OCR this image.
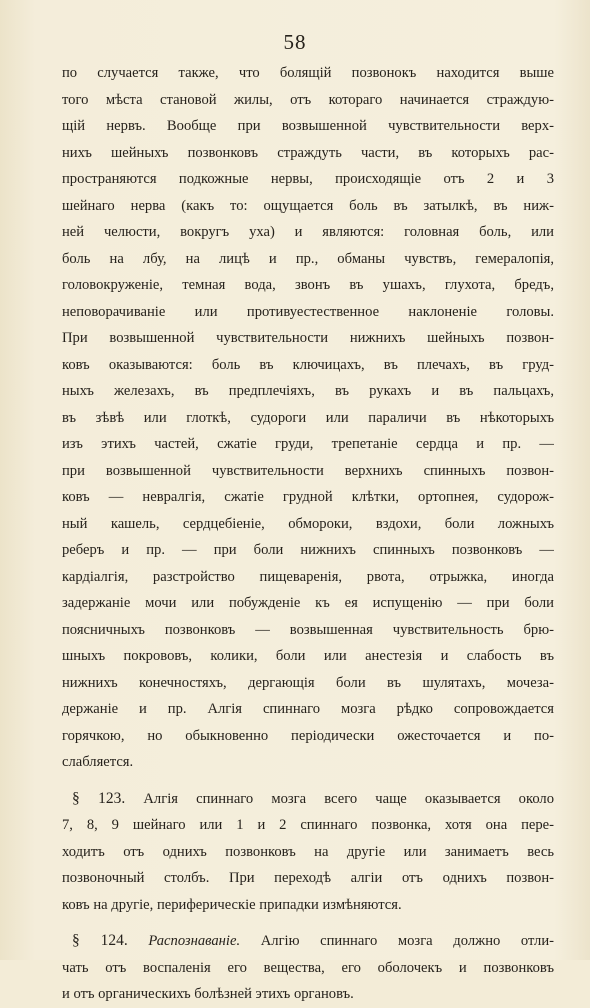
58
по случается также, что болящій позвонокъ находится выше
того мѣста становой жилы, отъ котораго начинается страждую-
щій нервъ. Вообще при возвышенной чувствительности верх-
нихъ шейныхъ позвонковъ страждуть части, въ которыхъ рас-
пространяются подкожные нервы, происходящіе отъ 2 и 3
шейнаго нерва (какъ то: ощущается боль въ затылкѣ, въ ниж-
ней челюсти, вокругъ уха) и являются: головная боль, или
боль на лбу, на лицѣ и пр., обманы чувствъ, гемералопія,
головокруженіе, темная вода, звонъ въ ушахъ, глухота, бредъ,
неповорачиваніе или противуестественное наклоненіе головы.
При возвышенной чувствительности нижнихъ шейныхъ позвон-
ковъ оказываются: боль въ ключицахъ, въ плечахъ, въ груд-
ныхъ железахъ, въ предплечіяхъ, въ рукахъ и въ пальцахъ,
въ зѣвѣ или глоткѣ, судороги или параличи въ нѣкоторыхъ
изъ этихъ частей, сжатіе груди, трепетаніе сердца и пр. —
при возвышенной чувствительности верхнихъ спинныхъ позвон-
ковъ — невралгія, сжатіе грудной клѣтки, ортопнея, судорож-
ный кашель, сердцебіеніе, обмороки, вздохи, боли ложныхъ
реберъ и пр. — при боли нижнихъ спинныхъ позвонковъ —
кардіалгія, разстройство пищеваренія, рвота, отрыжка, иногда
задержаніе мочи или побужденіе къ ея испущенію — при боли
поясничныхъ позвонковъ — возвышенная чувствительность брю-
шныхъ покрововъ, колики, боли или анестезія и слабость въ
нижнихъ конечностяхъ, дергающія боли въ шулятахъ, мочеза-
держаніе и пр. Алгія спиннаго мозга рѣдко сопровождается
горячкою, но обыкновенно періодически ожесточается и по-
слабляется.
§ 123. Алгія спиннаго мозга всего чаще оказывается около
7, 8, 9 шейнаго или 1 и 2 спиннаго позвонка, хотя она пере-
ходитъ отъ однихъ позвонковъ на другіе или занимаетъ весь
позвоночный столбъ. При переходѣ алгіи отъ однихъ позвон-
ковъ на другіе, периферическіе припадки измѣняются.
§ 124. Распознаваніе. Алгію спиннаго мозга должно отли-
чать отъ воспаленія его вещества, его оболочекъ и позвонковъ
и отъ органическихъ болѣзней этихъ органовъ.
